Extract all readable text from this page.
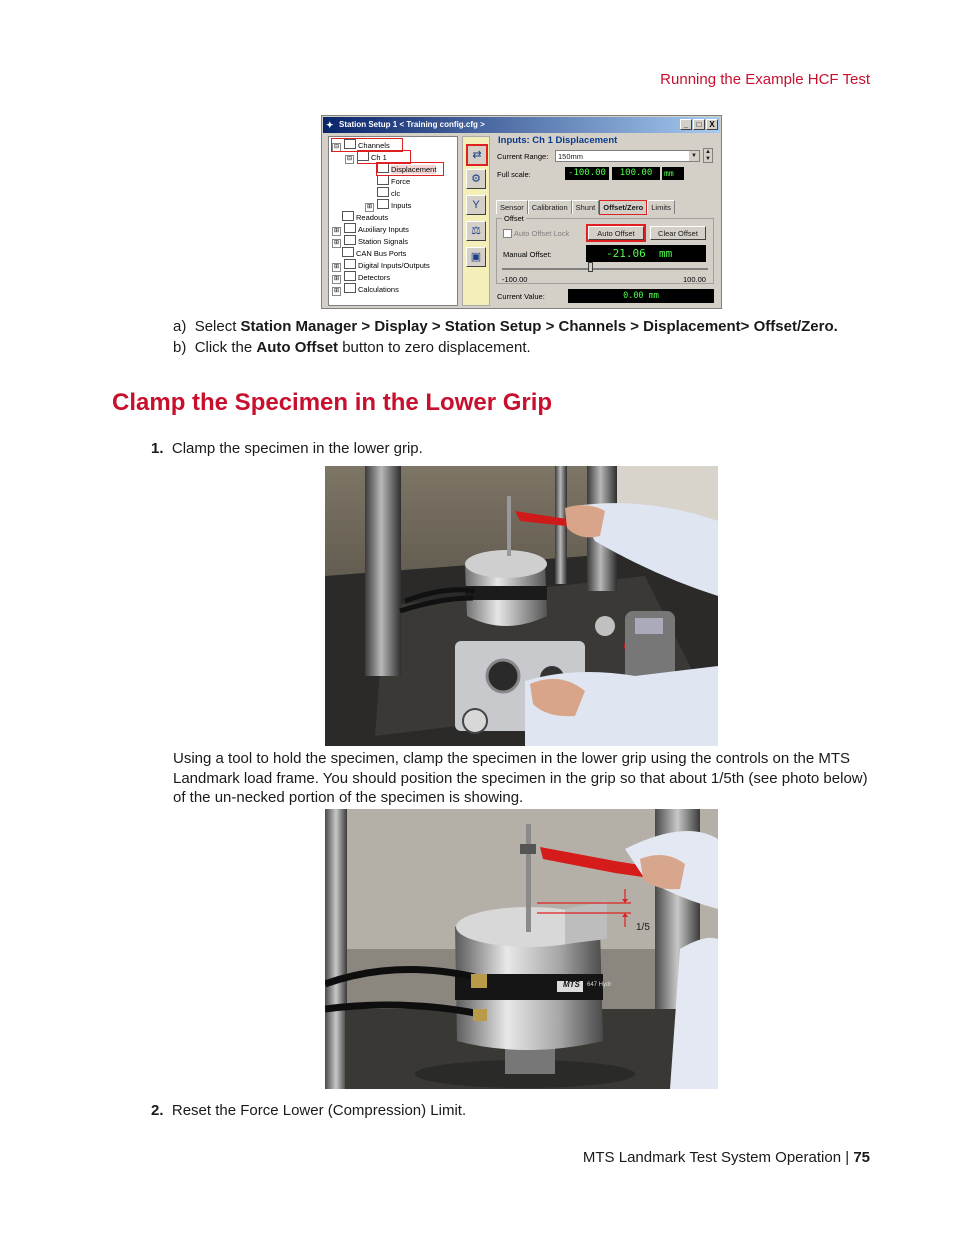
Running the Example HCF Test
✦ Station Setup 1 < Training config.cfg >	_	□ X
⊟	Channels
⊟	Ch 1
Displacement
Force
clc
⊞	Inputs
Readouts
⊞	Auxiliary Inputs
⊞	Station Signals
CAN Bus Ports
⊞	Digital Inputs/Outputs
⊞	Detectors
⊞	Calculations
⇄
⚙
Y
⚖
▣
Inputs: Ch 1 Displacement
Current Range:	150mm	▼
▲
▼
Full scale:	-100.00	100.00	mm
Sensor	Calibration	Shunt	Offset/Zero	Limits
Offset
Auto Offset Lock	Auto Offset	Clear Offset
Manual Offset:	-21.06 mm
-100.00	100.00
Current Value:	0.00 mm
a) Select Station Manager > Display > Station Setup > Channels > Displacement> Offset/Zero.
b) Click the Auto Offset button to zero displacement.
Clamp the Specimen in the Lower Grip
1. Clamp the specimen in the lower grip.
Using a tool to hold the specimen, clamp the specimen in the lower grip using the controls on the MTS Landmark load frame. You should position the specimen in the grip so that about 1/5th (see photo below) of the un-necked portion of the specimen is showing.
MTS 647 Hydr
1/5
2. Reset the Force Lower (Compression) Limit.
MTS Landmark Test System Operation | 75
